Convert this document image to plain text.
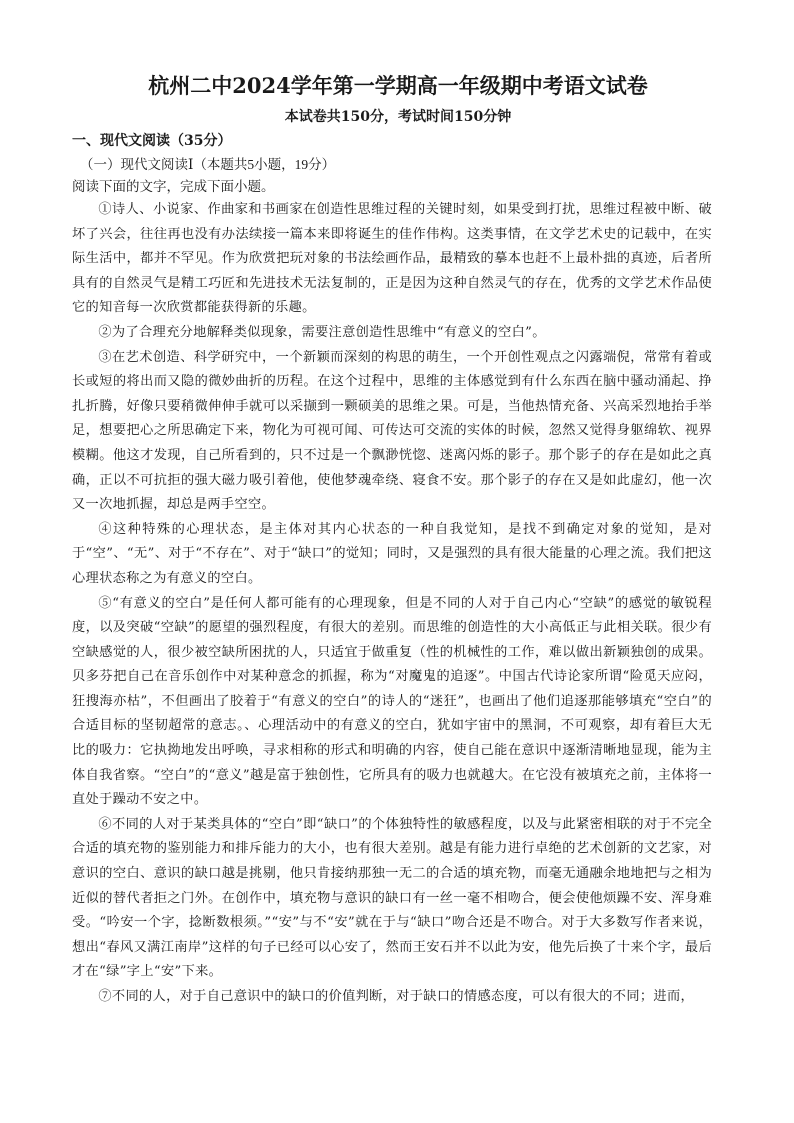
杭州二中2024学年第一学期高一年级期中考语文试卷
本试卷共150分，考试时间150分钟
一、现代文阅读（35分）
（一）现代文阅读Ⅰ（本题共5小题，19分）
阅读下面的文字，完成下面小题。

①诗人、小说家、作曲家和书画家在创造性思维过程的关键时刻，如果受到打扰，思维过程被中断、破坏了兴会，往往再也没有办法续接一篇本来即将诞生的佳作伟构。这类事情，在文学艺术史的记载中，在实际生活中，都并不罕见。作为欣赏把玩对象的书法绘画作品，最精致的摹本也赶不上最朴拙的真迹，后者所具有的自然灵气是精工巧匠和先进技术无法复制的，正是因为这种自然灵气的存在，优秀的文学艺术作品使它的知音每一次欣赏都能获得新的乐趣。

②为了合理充分地解释类似现象，需要注意创造性思维中“有意义的空白”。

③在艺术创造、科学研究中，一个新颖而深刻的构思的萌生，一个开创性观点之闪露端倪，常常有着或长或短的将出而又隐的微妙曲折的历程。在这个过程中，思维的主体感觉到有什么东西在脑中骚动涌起、挣扎折腾，好像只要稍微伸伸手就可以采撷到一颗硕美的思维之果。可是，当他热情充备、兴高采烈地抬手举足，想要把心之所思确定下来，物化为可视可闻、可传达可交流的实体的时候，忽然又觉得身躯绵软、视界模糊。他这才发现，自己所看到的，只不过是一个飘渺恍惚、迷离闪烁的影子。那个影子的存在是如此之真确，正以不可抗拒的强大磁力吸引着他，使他梦魂牵绕、寝食不安。那个影子的存在又是如此虚幻，他一次又一次地抓握，却总是两手空空。

④这种特殊的心理状态，是主体对其内心状态的一种自我觉知，是找不到确定对象的觉知，是对于“空”、“无”、对于“不存在”、对于“缺口”的觉知；同时，又是强烈的具有很大能量的心理之流。我们把这心理状态称之为有意义的空白。

⑤“有意义的空白”是任何人都可能有的心理现象，但是不同的人对于自己内心“空缺”的感觉的敏锐程度，以及突破“空缺”的愿望的强烈程度，有很大的差别。而思维的创造性的大小高低正与此相关联。很少有空缺感觉的人，很少被空缺所困扰的人，只适宜于做重复（性的机械性的工作，难以做出新颖独创的成果。贝多芬把自己在音乐创作中对某种意念的抓握，称为“对魔鬼的追逐”。中国古代诗论家所谓“险觅天应闷，狂搜海亦枯”，不但画出了胶着于“有意义的空白”的诗人的“迷狂”，也画出了他们追逐那能够填充“空白”的合适目标的坚韧超常的意志。、心理活动中的有意义的空白，犹如宇宙中的黑洞，不可观察，却有着巨大无比的吸力：它执拗地发出呼唤，寻求相称的形式和明确的内容，使自己能在意识中逐渐清晰地显现，能为主体自我省察。“空白”的“意义”越是富于独创性，它所具有的吸力也就越大。在它没有被填充之前，主体将一直处于躁动不安之中。

⑥不同的人对于某类具体的“空白”即“缺口”的个体独特性的敏感程度，以及与此紧密相联的对于不完全合适的填充物的鉴别能力和排斥能力的大小，也有很大差别。越是有能力进行卓绝的艺术创新的文艺家，对意识的空白、意识的缺口越是挑剔，他只肯接纳那独一无二的合适的填充物，而毫无通融余地地把与之相为近似的替代者拒之门外。在创作中，填充物与意识的缺口有一丝一毫不相吻合，便会使他烦躁不安、浑身难受。“吟安一个字，捻断数根须。”“安”与不“安”就在于与“缺口”吻合还是不吻合。对于大多数写作者来说，想出“春风又满江南岸”这样的句子已经可以心安了，然而王安石并不以此为安，他先后换了十来个字，最后才在“绿”字上“安”下来。

⑦不同的人，对于自己意识中的缺口的价值判断，对于缺口的情感态度，可以有很大的不同；进而，
